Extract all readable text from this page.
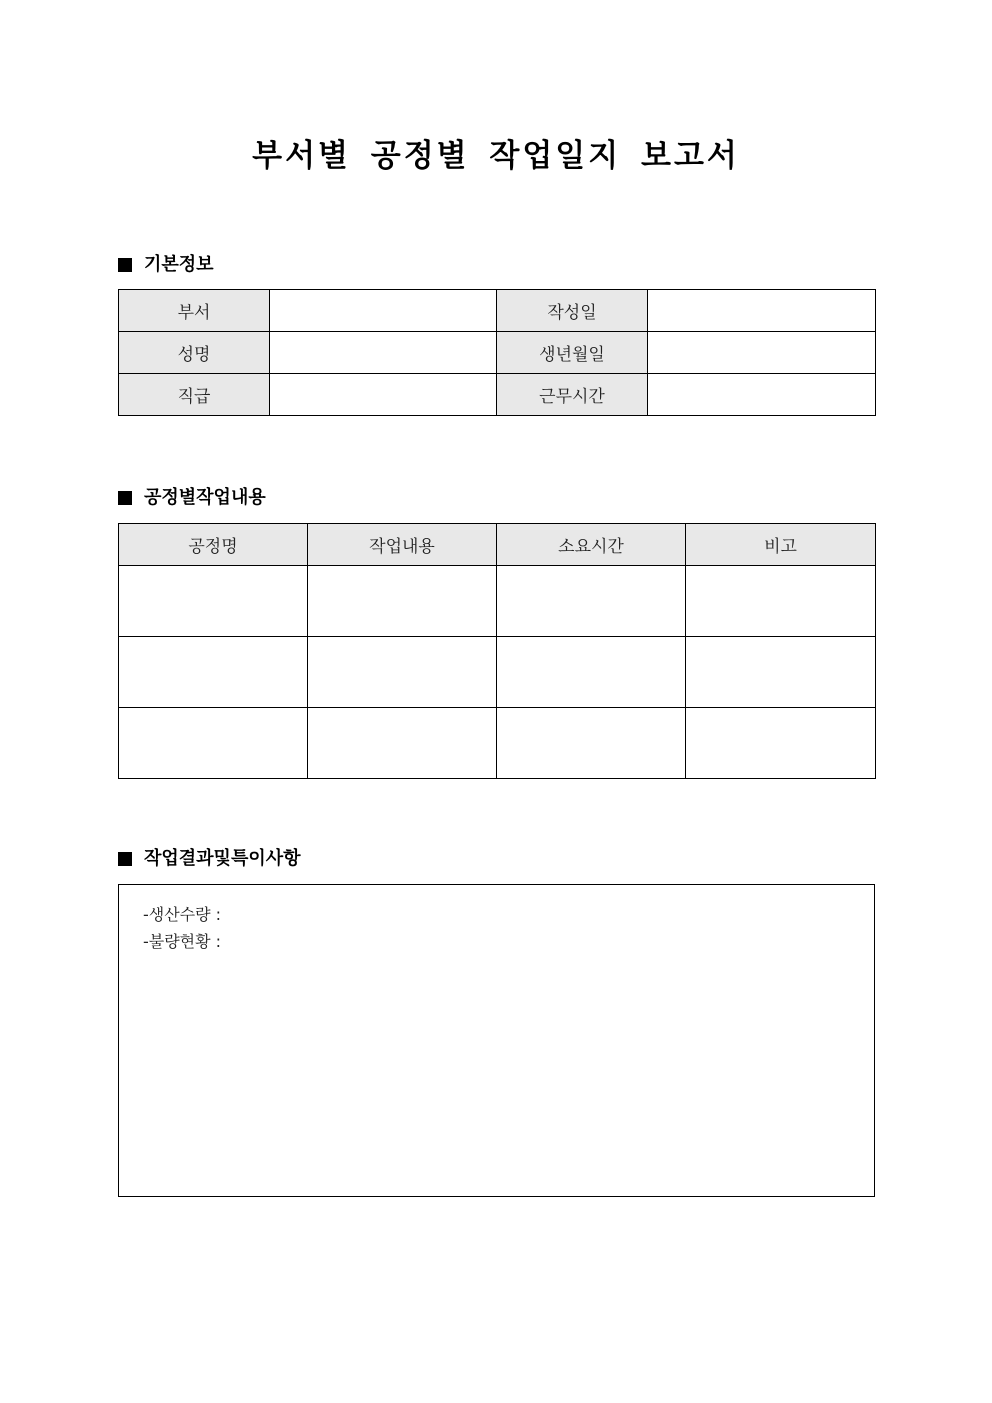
부서별 공정별 작업일지 보고서
기본정보
부서		작성일	
성명		생년월일	
직급		근무시간	
공정별작업내용
공정명	작업내용	소요시간	비고

작업결과및특이사항
-생산수량 :
-불량현황 :
